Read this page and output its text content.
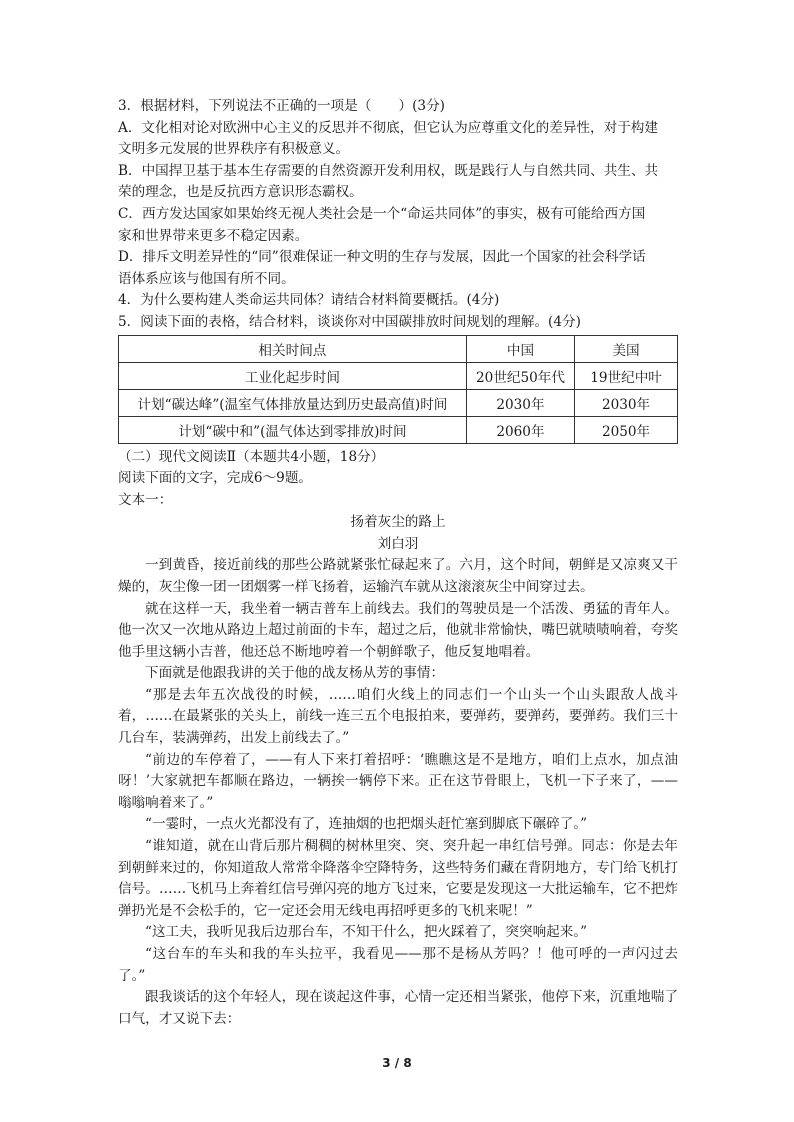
3．根据材料，下列说法不正确的一项是（　　）(3分)

A．文化相对论对欧洲中心主义的反思并不彻底，但它认为应尊重文化的差异性，对于构建

文明多元发展的世界秩序有积极意义。

B．中国捍卫基于基本生存需要的自然资源开发利用权，既是践行人与自然共同、共生、共

荣的理念，也是反抗西方意识形态霸权。

C．西方发达国家如果始终无视人类社会是一个“命运共同体”的事实，极有可能给西方国

家和世界带来更多不稳定因素。

D．排斥文明差异性的“同”很难保证一种文明的生存与发展，因此一个国家的社会科学话

语体系应该与他国有所不同。

4．为什么要构建人类命运共同体？请结合材料简要概括。(4分)

5．阅读下面的表格，结合材料，谈谈你对中国碳排放时间规划的理解。(4分)

相关时间点	中国	美国
工业化起步时间	20世纪50年代	19世纪中叶
计划“碳达峰”(温室气体排放量达到历史最高值)时间	2030年	2030年
计划“碳中和”(温气体达到零排放)时间	2060年	2050年

（二）现代文阅读Ⅱ（本题共4小题，18分）

阅读下面的文字，完成6～9题。

文本一：

扬着灰尘的路上

刘白羽

一到黄昏，接近前线的那些公路就紧张忙碌起来了。六月，这个时间，朝鲜是又凉爽又干燥的，灰尘像一团一团烟雾一样飞扬着，运输汽车就从这滚滚灰尘中间穿过去。

就在这样一天，我坐着一辆吉普车上前线去。我们的驾驶员是一个活泼、勇猛的青年人。他一次又一次地从路边上超过前面的卡车，超过之后，他就非常愉快，嘴巴就啧啧响着，夸奖他手里这辆小吉普，他还总不断地哼着一个朝鲜歌子，他反复地唱着。

下面就是他跟我讲的关于他的战友杨从芳的事情：

“那是去年五次战役的时候，……咱们火线上的同志们一个山头一个山头跟敌人战斗着，……在最紧张的关头上，前线一连三五个电报拍来，要弹药，要弹药，要弹药。我们三十几台车，装满弹药，出发上前线去了。”

“前边的车停着了，——有人下来打着招呼：‘瞧瞧这是不是地方，咱们上点水，加点油呀！’大家就把车都顺在路边，一辆挨一辆停下来。正在这节骨眼上，飞机一下子来了，——嗡嗡响着来了。”

“一霎时，一点火光都没有了，连抽烟的也把烟头赶忙塞到脚底下碾碎了。”

“谁知道，就在山背后那片稠稠的树林里突、突、突升起一串红信号弹。同志：你是去年到朝鲜来过的，你知道敌人常常伞降落伞空降特务，这些特务们藏在背阴地方，专门给飞机打信号。……飞机马上奔着红信号弹闪亮的地方飞过来，它要是发现这一大批运输车，它不把炸弹扔光是不会松手的，它一定还会用无线电再招呼更多的飞机来呢！”

“这工夫，我听见我后边那台车，不知干什么，把火踩着了，突突响起来。”

“这台车的车头和我的车头拉平，我看见——那不是杨从芳吗？！他可呼的一声闪过去了。”

跟我谈话的这个年轻人，现在谈起这件事，心情一定还相当紧张，他停下来，沉重地喘了口气，才又说下去：

3 / 8
